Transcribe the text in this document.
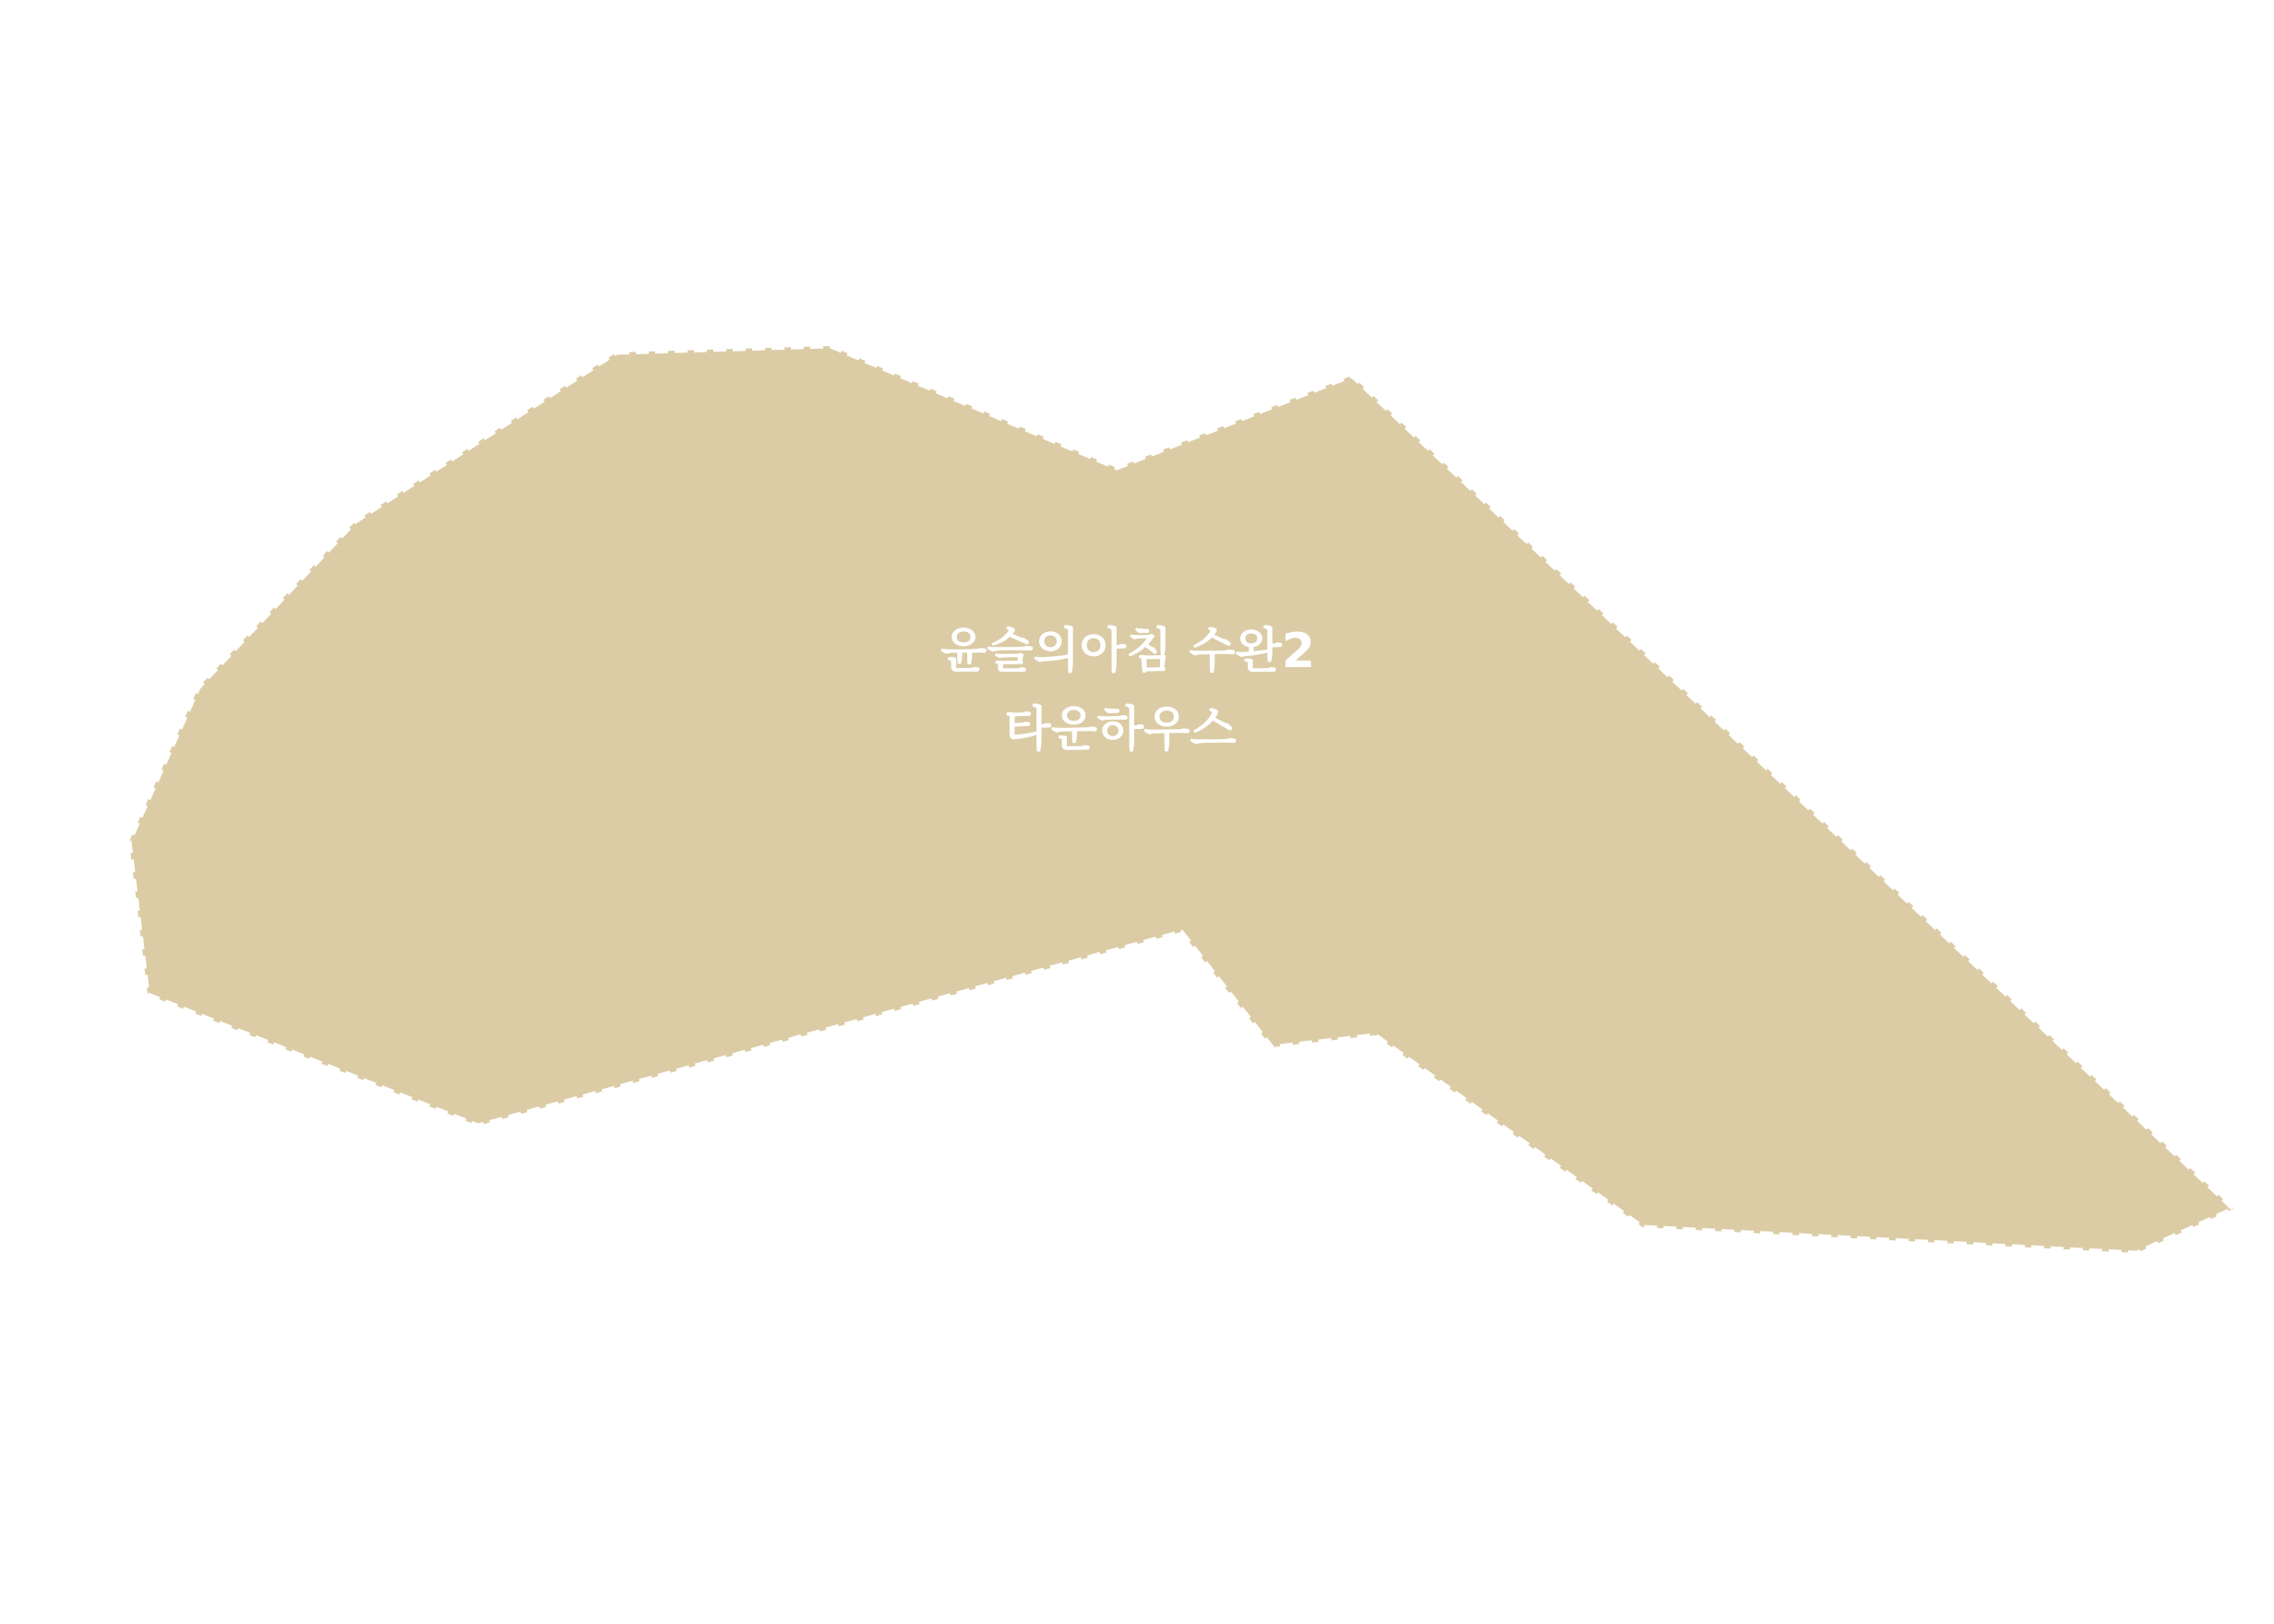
윤슬의아침 수완2
타운하우스
